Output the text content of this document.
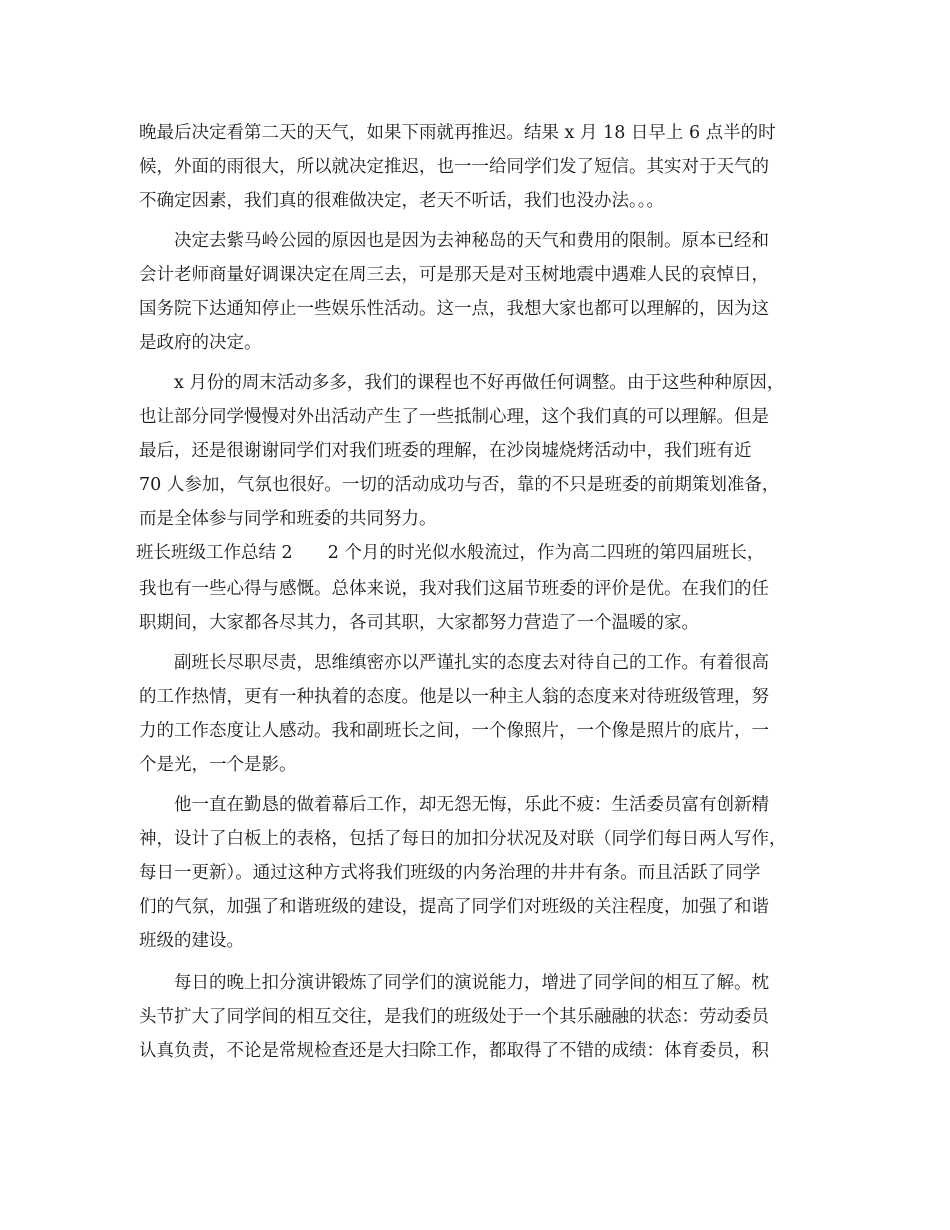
晚最后决定看第二天的天气，如果下雨就再推迟。结果 x 月 18 日早上 6 点半的时
候，外面的雨很大，所以就决定推迟，也一一给同学们发了短信。其实对于天气的
不确定因素，我们真的很难做决定，老天不听话，我们也没办法。。。
决定去紫马岭公园的原因也是因为去神秘岛的天气和费用的限制。原本已经和
会计老师商量好调课决定在周三去，可是那天是对玉树地震中遇难人民的哀悼日，
国务院下达通知停止一些娱乐性活动。这一点，我想大家也都可以理解的，因为这
是政府的决定。
x 月份的周末活动多多，我们的课程也不好再做任何调整。由于这些种种原因，
也让部分同学慢慢对外出活动产生了一些抵制心理，这个我们真的可以理解。但是
最后，还是很谢谢同学们对我们班委的理解，在沙岗墟烧烤活动中，我们班有近
70 人参加，气氛也很好。一切的活动成功与否，靠的不只是班委的前期策划准备，
而是全体参与同学和班委的共同努力。
班长班级工作总结 2　　2 个月的时光似水般流过，作为高二四班的第四届班长，
我也有一些心得与感慨。总体来说，我对我们这届节班委的评价是优。在我们的任
职期间，大家都各尽其力，各司其职，大家都努力营造了一个温暖的家。
副班长尽职尽责，思维缜密亦以严谨扎实的态度去对待自己的工作。有着很高
的工作热情，更有一种执着的态度。他是以一种主人翁的态度来对待班级管理，努
力的工作态度让人感动。我和副班长之间，一个像照片，一个像是照片的底片，一
个是光，一个是影。
他一直在勤恳的做着幕后工作，却无怨无悔，乐此不疲：生活委员富有创新精
神，设计了白板上的表格，包括了每日的加扣分状况及对联（同学们每日两人写作，
每日一更新）。通过这种方式将我们班级的内务治理的井井有条。而且活跃了同学
们的气氛，加强了和谐班级的建设，提高了同学们对班级的关注程度，加强了和谐
班级的建设。
每日的晚上扣分演讲锻炼了同学们的演说能力，增进了同学间的相互了解。枕
头节扩大了同学间的相互交往，是我们的班级处于一个其乐融融的状态：劳动委员
认真负责，不论是常规检查还是大扫除工作，都取得了不错的成绩：体育委员，积
